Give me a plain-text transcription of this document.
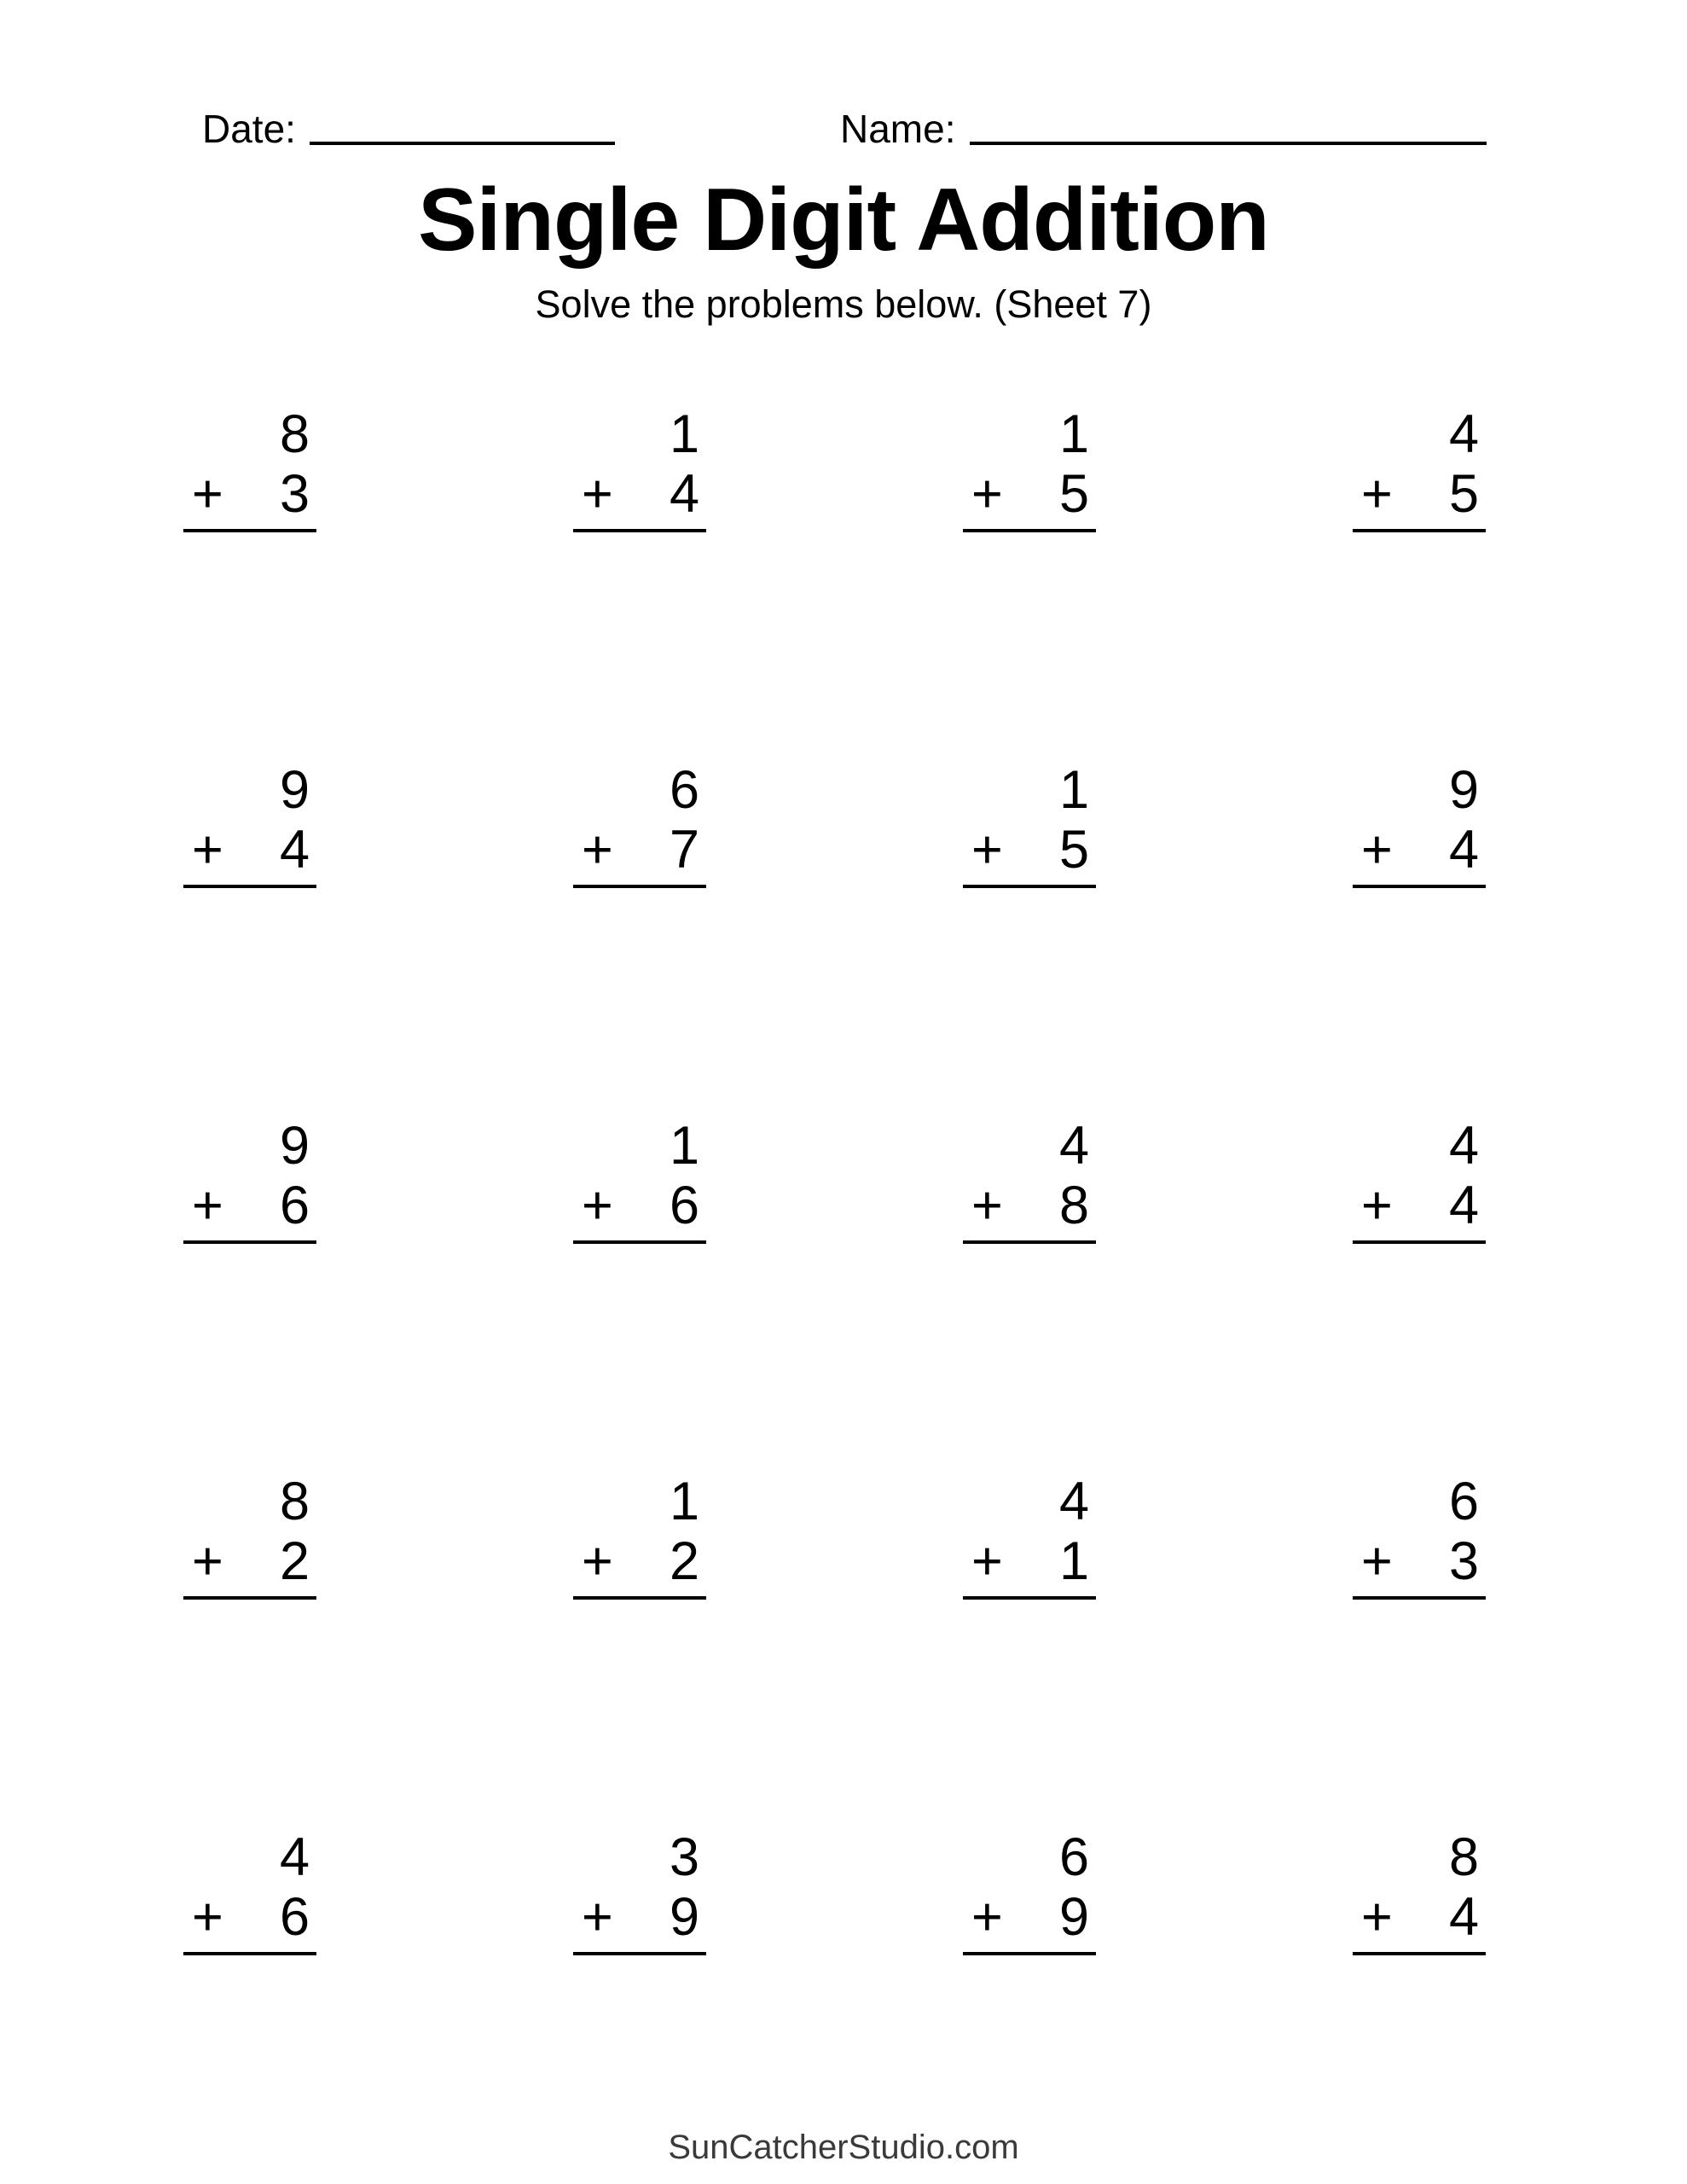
Date:	Name:
Single Digit Addition
Solve the problems below. (Sheet 7)
8
+ 3
1
+ 4
1
+ 5
4
+ 5
9
+ 4
6
+ 7
1
+ 5
9
+ 4
9
+ 6
1
+ 6
4
+ 8
4
+ 4
8
+ 2
1
+ 2
4
+ 1
6
+ 3
4
+ 6
3
+ 9
6
+ 9
8
+ 4
SunCatcherStudio.com
